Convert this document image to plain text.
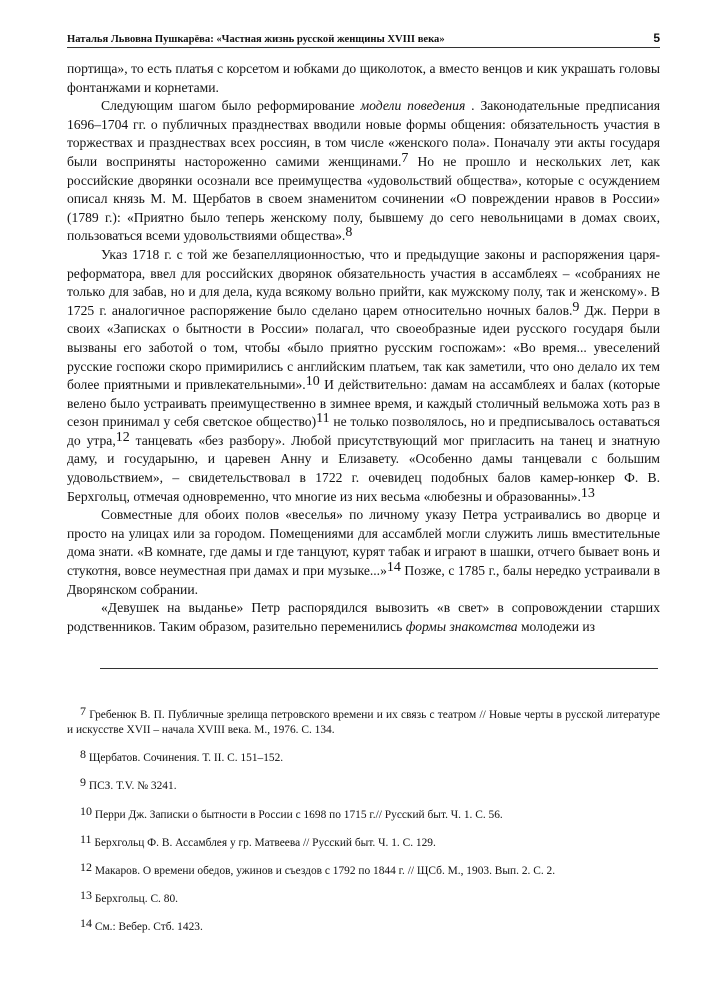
Наталья Львовна Пушкарёва: «Частная жизнь русской женщины XVIII века»	5

портища», то есть платья с корсетом и юбками до щиколоток, а вместо венцов и кик украшать головы фонтанжами и корнетами.

Следующим шагом было реформирование модели поведения . Законодательные предписания 1696–1704 гг. о публичных празднествах вводили новые формы общения: обязательность участия в торжествах и празднествах всех россиян, в том числе «женского пола». Поначалу эти акты государя были восприняты настороженно самими женщинами.$^7$ Но не прошло и нескольких лет, как российские дворянки осознали все преимущества «удовольствий общества», которые с осуждением описал князь М. М. Щербатов в своем знаменитом сочинении «О повреждении нравов в России» (1789 г.): «Приятно было теперь женскому полу, бывшему до сего невольницами в домах своих, пользоваться всеми удовольствиями общества».$^8$

Указ 1718 г. с той же безапелляционностью, что и предыдущие законы и распоряжения царя-реформатора, ввел для российских дворянок обязательность участия в ассамблеях – «собраниях не только для забав, но и для дела, куда всякому вольно прийти, как мужскому полу, так и женскому». В 1725 г. аналогичное распоряжение было сделано царем относительно ночных балов.$^9$ Дж. Перри в своих «Записках о бытности в России» полагал, что своеобразные идеи русского государя были вызваны его заботой о том, чтобы «было приятно русским госпожам»: «Во время... увеселений русские госпожи скоро примирились с английским платьем, так как заметили, что оно делало их тем более приятными и привлекательными».$^{10}$ И действительно: дамам на ассамблеях и балах (которые велено было устраивать преимущественно в зимнее время, и каждый столичный вельможа хоть раз в сезон принимал у себя светское общество)$^{11}$ не только позволялось, но и предписывалось оставаться до утра,$^{12}$ танцевать «без разбору». Любой присутствующий мог пригласить на танец и знатную даму, и государыню, и царевен Анну и Елизавету. «Особенно дамы танцевали с большим удовольствием», – свидетельствовал в 1722 г. очевидец подобных балов камер-юнкер Ф. В. Берхгольц, отмечая одновременно, что многие из них весьма «любезны и образованны».$^{13}$

Совместные для обоих полов «веселья» по личному указу Петра устраивались во дворце и просто на улицах или за городом. Помещениями для ассамблей могли служить лишь вместительные дома знати. «В комнате, где дамы и где танцуют, курят табак и играют в шашки, отчего бывает вонь и стукотня, вовсе неуместная при дамах и при музыке...»$^{14}$ Позже, с 1785 г., балы нередко устраивали в Дворянском собрании.

«Девушек на выданье» Петр распорядился вывозить «в свет» в сопровождении старших родственников. Таким образом, разительно переменились формы знакомства молодежи из

$^7$ Гребенюк В. П. Публичные зрелища петровского времени и их связь с театром // Новые черты в русской литературе и искусстве XVII – начала XVIII века. М., 1976. С. 134.
$^8$ Щербатов. Сочинения. Т. II. С. 151–152.
$^9$ ПСЗ. Т.V. № 3241.
$^{10}$ Перри Дж. Записки о бытности в России с 1698 по 1715 г.// Русский быт. Ч. 1. С. 56.
$^{11}$ Берхгольц Ф. В. Ассамблея у гр. Матвеева // Русский быт. Ч. 1. С. 129.
$^{12}$ Макаров. О времени обедов, ужинов и съездов с 1792 по 1844 г. // ЩСб. М., 1903. Вып. 2. С. 2.
$^{13}$ Берхгольц. С. 80.
$^{14}$ См.: Вебер. Стб. 1423.
